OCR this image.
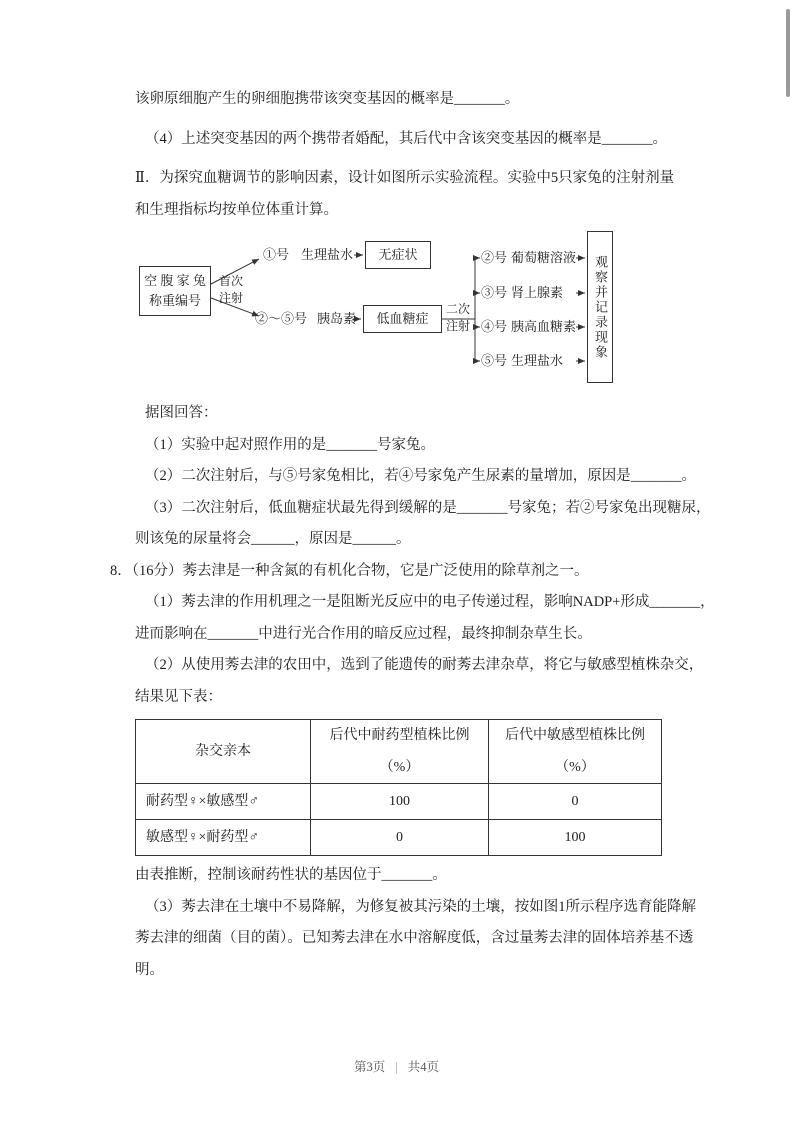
该卵原细胞产生的卵细胞携带该突变基因的概率是_______。

（4）上述突变基因的两个携带者婚配，其后代中含该突变基因的概率是_______。

Ⅱ．为探究血糖调节的影响因素，设计如图所示实验流程。实验中5只家兔的注射剂量

和生理指标均按单位体重计算。

空 腹 家 兔
称重编号
首次
注射
①号 生理盐水	无症状
②～⑤号 胰岛素	低血糖症
二次
注射
②号 葡萄糖溶液
③号 肾上腺素
④号 胰高血糖素
⑤号 生理盐水
观察并记录现象

据图回答：

（1）实验中起对照作用的是_______号家兔。

（2）二次注射后，与⑤号家兔相比，若④号家兔产生尿素的量增加，原因是_______。

（3）二次注射后，低血糖症状最先得到缓解的是_______号家兔；若②号家兔出现糖尿，

则该兔的尿量将会______，原因是______。

8．（16分）莠去津是一种含氮的有机化合物，它是广泛使用的除草剂之一。

（1）莠去津的作用机理之一是阻断光反应中的电子传递过程，影响NADP+形成_______，

进而影响在_______中进行光合作用的暗反应过程，最终抑制杂草生长。

（2）从使用莠去津的农田中，选到了能遗传的耐莠去津杂草，将它与敏感型植株杂交，

结果见下表：

杂交亲本	后代中耐药型植株比例（%）	后代中敏感型植株比例（%）
耐药型♀×敏感型♂	100	0
敏感型♀×耐药型♂	0	100

由表推断，控制该耐药性状的基因位于_______。

（3）莠去津在土壤中不易降解，为修复被其污染的土壤，按如图1所示程序选育能降解

莠去津的细菌（目的菌）。已知莠去津在水中溶解度低，含过量莠去津的固体培养基不透

明。

第3页 | 共4页
